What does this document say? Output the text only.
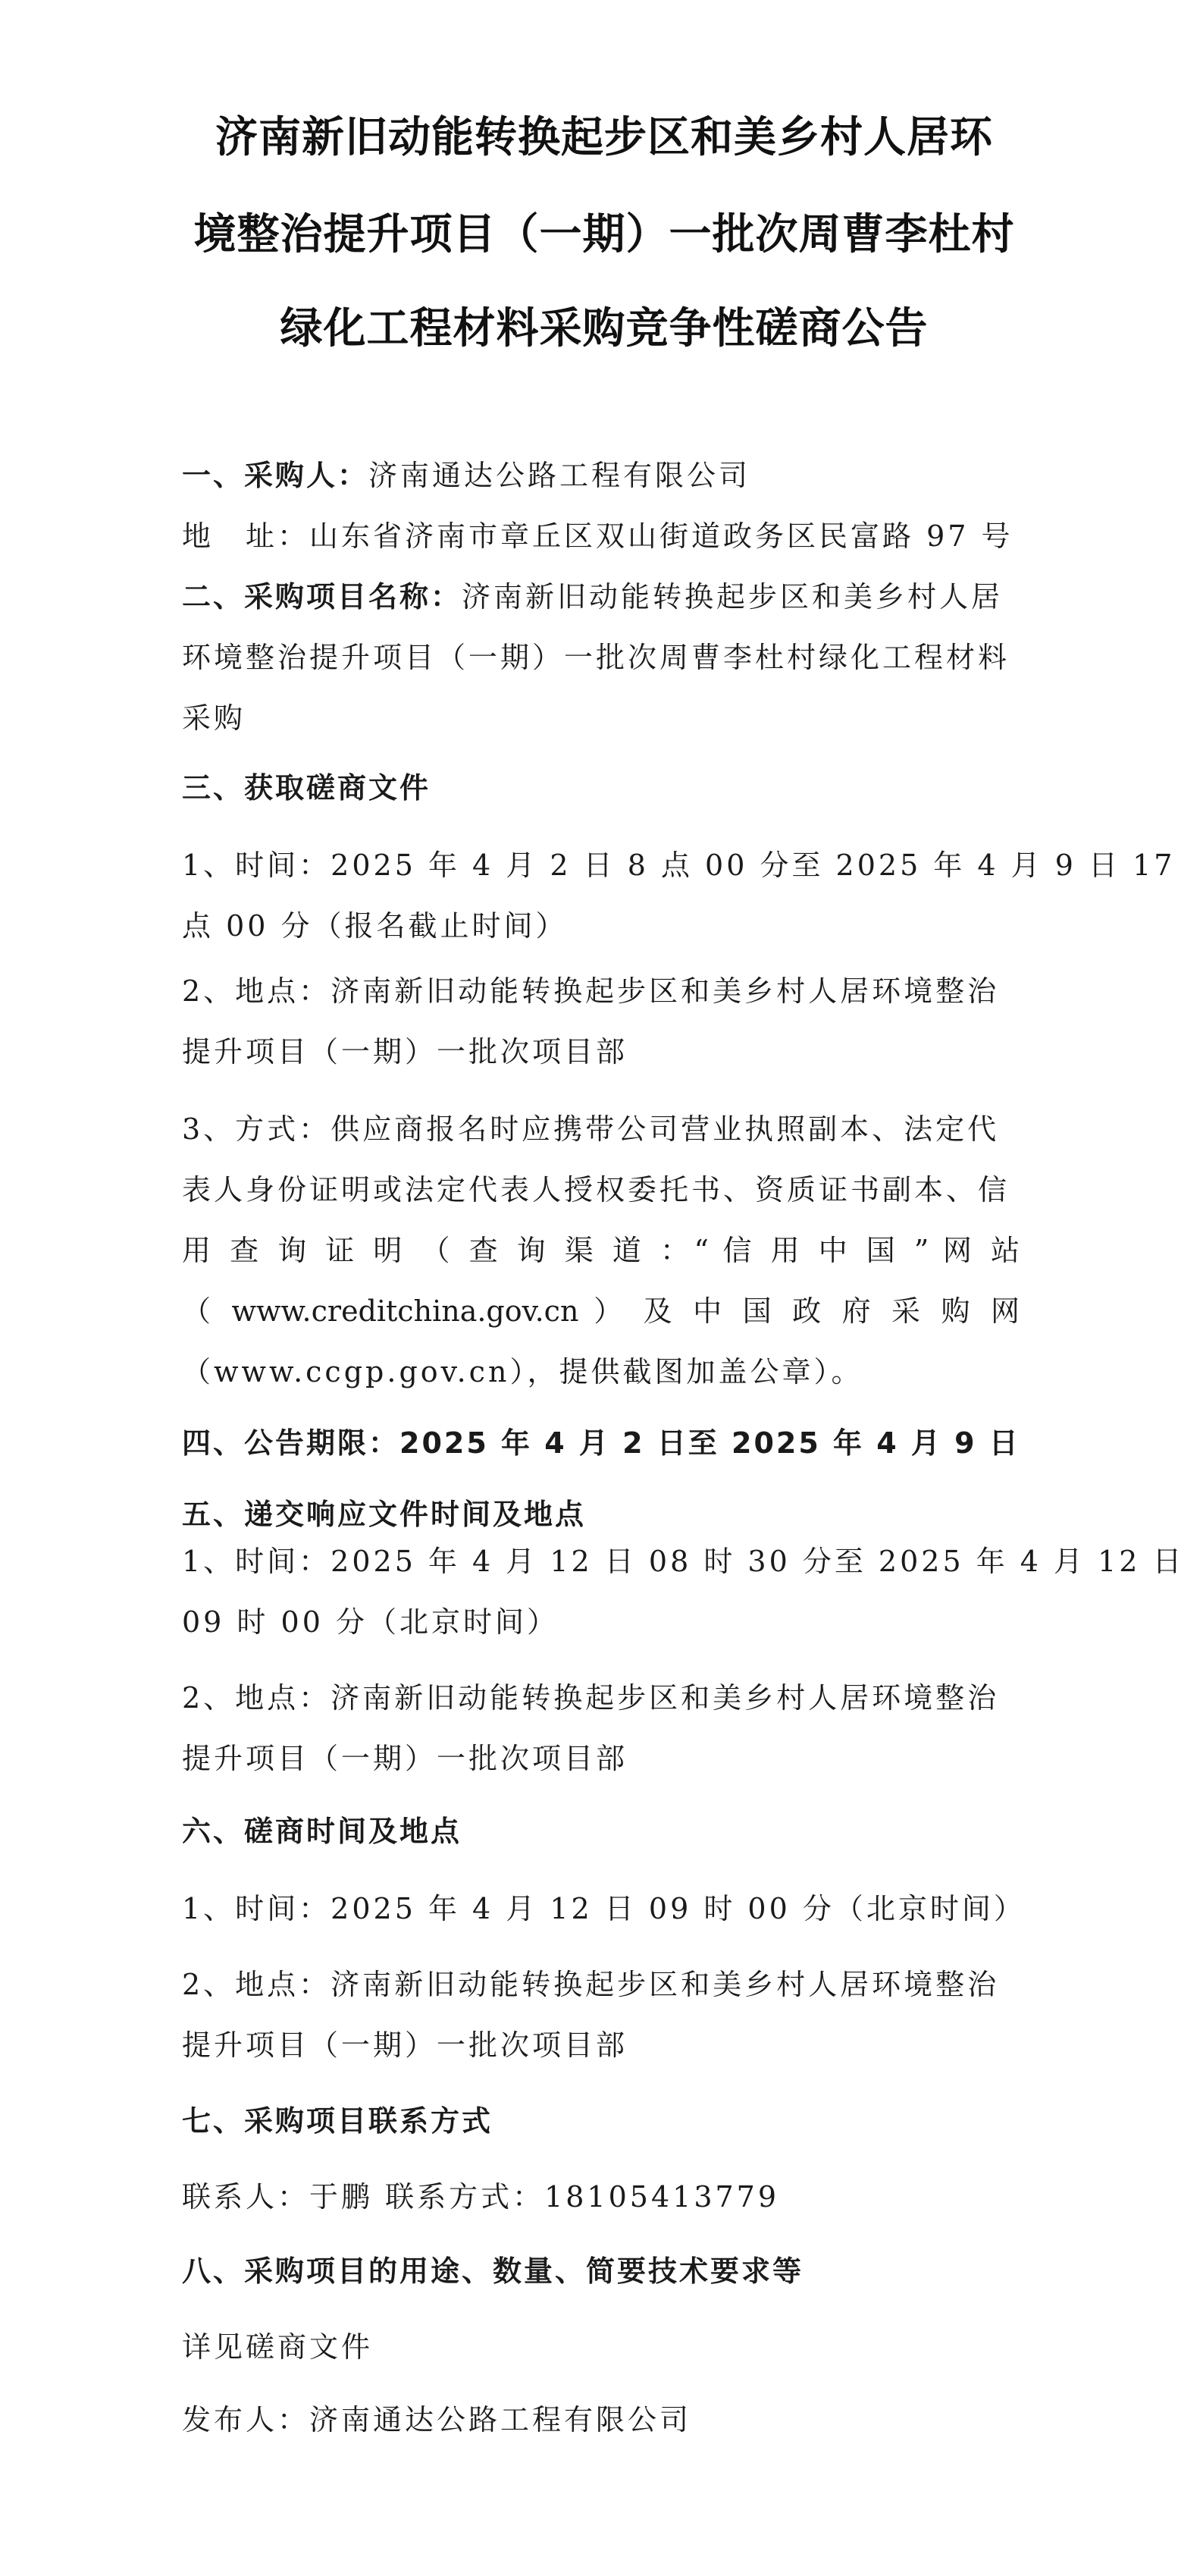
济南新旧动能转换起步区和美乡村人居环
境整治提升项目（一期）一批次周曹李杜村
绿化工程材料采购竞争性磋商公告

一、采购人：济南通达公路工程有限公司

地　址：山东省济南市章丘区双山街道政务区民富路 97 号

二、采购项目名称：济南新旧动能转换起步区和美乡村人居

环境整治提升项目（一期）一批次周曹李杜村绿化工程材料

采购

三、获取磋商文件

1、时间：2025 年 4 月 2 日 8 点 00 分至 2025 年 4 月 9 日 17

点 00 分（报名截止时间）

2、地点：济南新旧动能转换起步区和美乡村人居环境整治

提升项目（一期）一批次项目部

3、方式：供应商报名时应携带公司营业执照副本、法定代

表人身份证明或法定代表人授权委托书、资质证书副本、信

用 查 询 证 明 （ 查 询 渠 道 ：“ 信 用 中 国 ” 网 站

（ www.creditchina.gov.cn ） 及 中 国 政 府 采 购 网

（www.ccgp.gov.cn），提供截图加盖公章）。

四、公告期限：2025 年 4 月 2 日至 2025 年 4 月 9 日

五、递交响应文件时间及地点

1、时间：2025 年 4 月 12 日 08 时 30 分至 2025 年 4 月 12 日

09 时 00 分（北京时间）

2、地点：济南新旧动能转换起步区和美乡村人居环境整治

提升项目（一期）一批次项目部

六、磋商时间及地点

1、时间：2025 年 4 月 12 日 09 时 00 分（北京时间）

2、地点：济南新旧动能转换起步区和美乡村人居环境整治

提升项目（一期）一批次项目部

七、采购项目联系方式

联系人：于鹏 联系方式：18105413779

八、采购项目的用途、数量、简要技术要求等

详见磋商文件

发布人：济南通达公路工程有限公司
